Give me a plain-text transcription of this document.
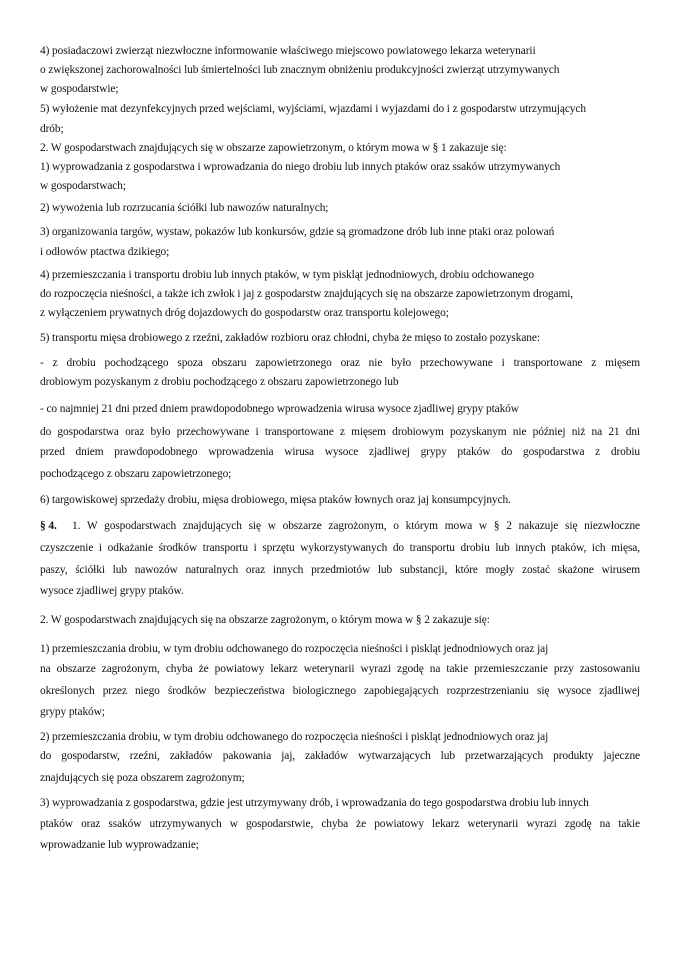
4) posiadaczowi zwierząt niezwłoczne informowanie właściwego miejscowo powiatowego lekarza weterynarii
o zwiększonej zachorowalności lub śmiertelności lub znacznym obniżeniu produkcyjności zwierząt utrzymywanych
w gospodarstwie;
5) wyłożenie mat dezynfekcyjnych przed wejściami, wyjściami, wjazdami i wyjazdami do i z gospodarstw utrzymujących
drób;
2. W gospodarstwach znajdujących się w obszarze zapowietrzonym, o którym mowa w § 1 zakazuje się:
1) wyprowadzania z gospodarstwa i wprowadzania do niego drobiu lub innych ptaków oraz ssaków utrzymywanych
w gospodarstwach;
2) wywożenia lub rozrzucania ściółki lub nawozów naturalnych;
3) organizowania targów, wystaw, pokazów lub konkursów, gdzie są gromadzone drób lub inne ptaki oraz polowań
i odłowów ptactwa dzikiego;
4) przemieszczania i transportu drobiu lub innych ptaków, w tym piskląt jednodniowych, drobiu odchowanego
do rozpoczęcia nieśności, a także ich zwłok i jaj z gospodarstw znajdujących się na obszarze zapowietrzonym drogami,
z wyłączeniem prywatnych dróg dojazdowych do gospodarstw oraz transportu kolejowego;
5) transportu mięsa drobiowego z rzeźni, zakładów rozbioru oraz chłodni, chyba że mięso to zostało pozyskane:
- z drobiu pochodzącego spoza obszaru zapowietrzonego oraz nie było przechowywane i transportowane z mięsem
drobiowym pozyskanym z drobiu pochodzącego z obszaru zapowietrzonego lub
- co najmniej 21 dni przed dniem prawdopodobnego wprowadzenia wirusa wysoce zjadliwej grypy ptaków
do gospodarstwa oraz było przechowywane i transportowane z mięsem drobiowym pozyskanym nie później niż na 21 dni
przed dniem prawdopodobnego wprowadzenia wirusa wysoce zjadliwej grypy ptaków do gospodarstwa z drobiu
pochodzącego z obszaru zapowietrzonego;
6) targowiskowej sprzedaży drobiu, mięsa drobiowego, mięsa ptaków łownych oraz jaj konsumpcyjnych.
§ 4. 1. W gospodarstwach znajdujących się w obszarze zagrożonym, o którym mowa w § 2 nakazuje się niezwłoczne
czyszczenie i odkażanie środków transportu i sprzętu wykorzystywanych do transportu drobiu lub innych ptaków, ich mięsa,
paszy, ściółki lub nawozów naturalnych oraz innych przedmiotów lub substancji, które mogły zostać skażone wirusem
wysoce zjadliwej grypy ptaków.
2. W gospodarstwach znajdujących się na obszarze zagrożonym, o którym mowa w § 2 zakazuje się:
1) przemieszczania drobiu, w tym drobiu odchowanego do rozpoczęcia nieśności i piskląt jednodniowych oraz jaj
na obszarze zagrożonym, chyba że powiatowy lekarz weterynarii wyrazi zgodę na takie przemieszczanie przy zastosowaniu
określonych przez niego środków bezpieczeństwa biologicznego zapobiegających rozprzestrzenianiu się wysoce zjadliwej
grypy ptaków;
2) przemieszczania drobiu, w tym drobiu odchowanego do rozpoczęcia nieśności i piskląt jednodniowych oraz jaj
do gospodarstw, rzeźni, zakładów pakowania jaj, zakładów wytwarzających lub przetwarzających produkty jajeczne
znajdujących się poza obszarem zagrożonym;
3) wyprowadzania z gospodarstwa, gdzie jest utrzymywany drób, i wprowadzania do tego gospodarstwa drobiu lub innych
ptaków oraz ssaków utrzymywanych w gospodarstwie, chyba że powiatowy lekarz weterynarii wyrazi zgodę na takie
wprowadzanie lub wyprowadzanie;
